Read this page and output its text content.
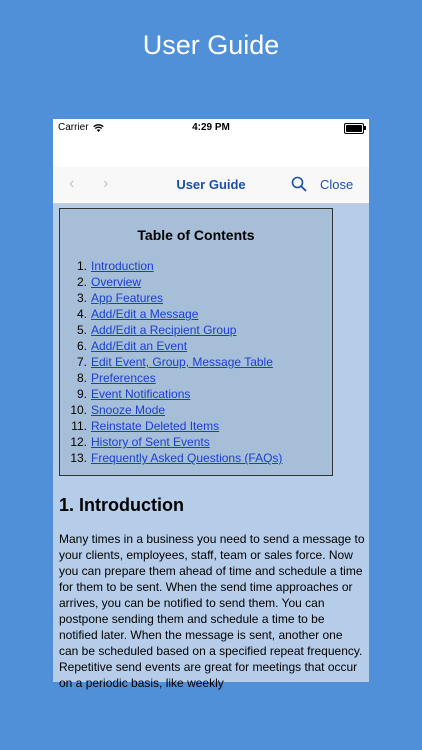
User Guide
Carrier	4:29 PM
‹ ›	User Guide	Close
Table of Contents
1. Introduction
2. Overview
3. App Features
4. Add/Edit a Message
5. Add/Edit a Recipient Group
6. Add/Edit an Event
7. Edit Event, Group, Message Table
8. Preferences
9. Event Notifications
10. Snooze Mode
11. Reinstate Deleted Items
12. History of Sent Events
13. Frequently Asked Questions (FAQs)
1. Introduction

Many times in a business you need to send a message to your clients, employees, staff, team or sales force. Now you can prepare them ahead of time and schedule a time for them to be sent. When the send time approaches or arrives, you can be notified to send them. You can postpone sending them and schedule a time to be notified later. When the message is sent, another one can be scheduled based on a specified repeat frequency. Repetitive send events are great for meetings that occur on a periodic basis, like weekly
